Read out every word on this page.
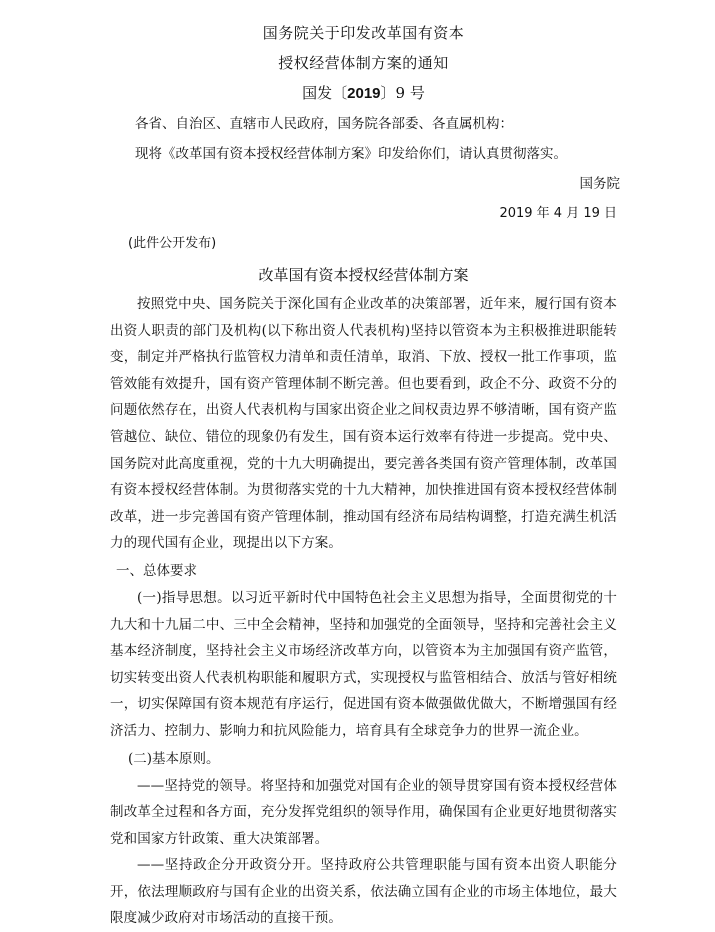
国务院关于印发改革国有资本

授权经营体制方案的通知

国发〔2019〕9 号

各省、自治区、直辖市人民政府，国务院各部委、各直属机构：

现将《改革国有资本授权经营体制方案》印发给你们，请认真贯彻落实。

国务院

2019 年 4 月 19 日

(此件公开发布)

改革国有资本授权经营体制方案

按照党中央、国务院关于深化国有企业改革的决策部署，近年来，履行国有资本出资人职责的部门及机构(以下称出资人代表机构)坚持以管资本为主积极推进职能转变，制定并严格执行监管权力清单和责任清单，取消、下放、授权一批工作事项，监管效能有效提升，国有资产管理体制不断完善。但也要看到，政企不分、政资不分的问题依然存在，出资人代表机构与国家出资企业之间权责边界不够清晰，国有资产监管越位、缺位、错位的现象仍有发生，国有资本运行效率有待进一步提高。党中央、国务院对此高度重视，党的十九大明确提出，要完善各类国有资产管理体制，改革国有资本授权经营体制。为贯彻落实党的十九大精神，加快推进国有资本授权经营体制改革，进一步完善国有资产管理体制，推动国有经济布局结构调整，打造充满生机活力的现代国有企业，现提出以下方案。

一、总体要求

(一)指导思想。以习近平新时代中国特色社会主义思想为指导，全面贯彻党的十九大和十九届二中、三中全会精神，坚持和加强党的全面领导，坚持和完善社会主义基本经济制度，坚持社会主义市场经济改革方向，以管资本为主加强国有资产监管，切实转变出资人代表机构职能和履职方式，实现授权与监管相结合、放活与管好相统一，切实保障国有资本规范有序运行，促进国有资本做强做优做大，不断增强国有经济活力、控制力、影响力和抗风险能力，培育具有全球竞争力的世界一流企业。

(二)基本原则。

——坚持党的领导。将坚持和加强党对国有企业的领导贯穿国有资本授权经营体制改革全过程和各方面，充分发挥党组织的领导作用，确保国有企业更好地贯彻落实党和国家方针政策、重大决策部署。

——坚持政企分开政资分开。坚持政府公共管理职能与国有资本出资人职能分开，依法理顺政府与国有企业的出资关系，依法确立国有企业的市场主体地位，最大限度减少政府对市场活动的直接干预。
